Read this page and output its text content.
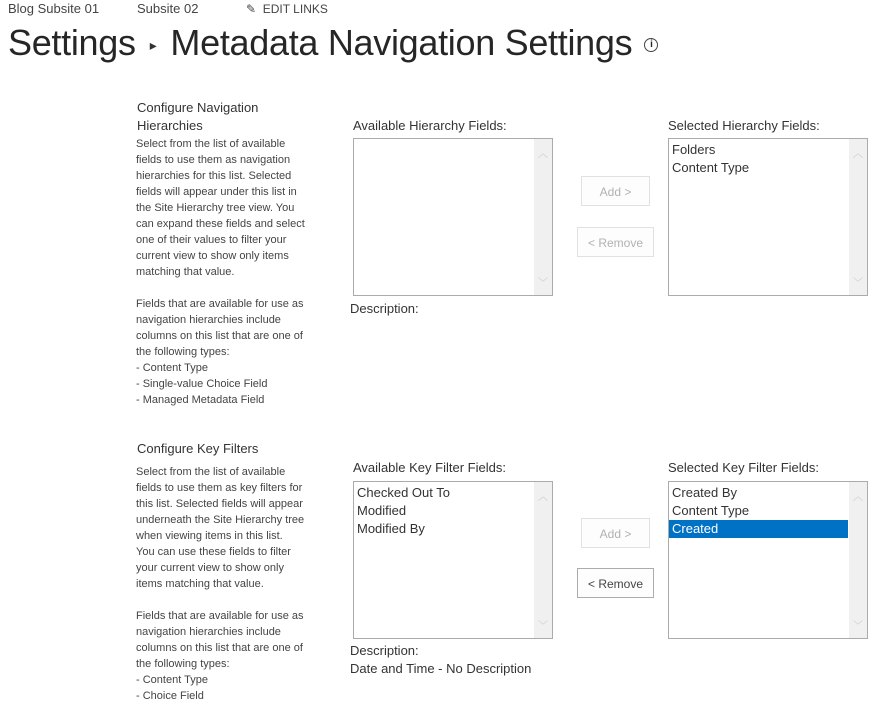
Blog Subsite 01	Subsite 02	✎ EDIT LINKS
Settings ▸ Metadata Navigation Settings i
Configure Navigation Hierarchies
Select from the list of available
fields to use them as navigation
hierarchies for this list. Selected
fields will appear under this list in
the Site Hierarchy tree view. You
can expand these fields and select
one of their values to filter your
current view to show only items
matching that value.
Fields that are available for use as
navigation hierarchies include
columns on this list that are one of
the following types:
- Content Type
- Single-value Choice Field
- Managed Metadata Field
Available Hierarchy Fields:
︿
﹀
Add >
< Remove
Selected Hierarchy Fields:
Folders
Content Type
︿
﹀
Description:
Configure Key Filters
Select from the list of available
fields to use them as key filters for
this list. Selected fields will appear
underneath the Site Hierarchy tree
when viewing items in this list.
You can use these fields to filter
your current view to show only
items matching that value.
Fields that are available for use as
navigation hierarchies include
columns on this list that are one of
the following types:
- Content Type
- Choice Field
Available Key Filter Fields:
Checked Out To
Modified
Modified By
︿
﹀
Add >
< Remove
Selected Key Filter Fields:
Created By
Content Type
Created
︿
﹀
Description:
Date and Time - No Description
